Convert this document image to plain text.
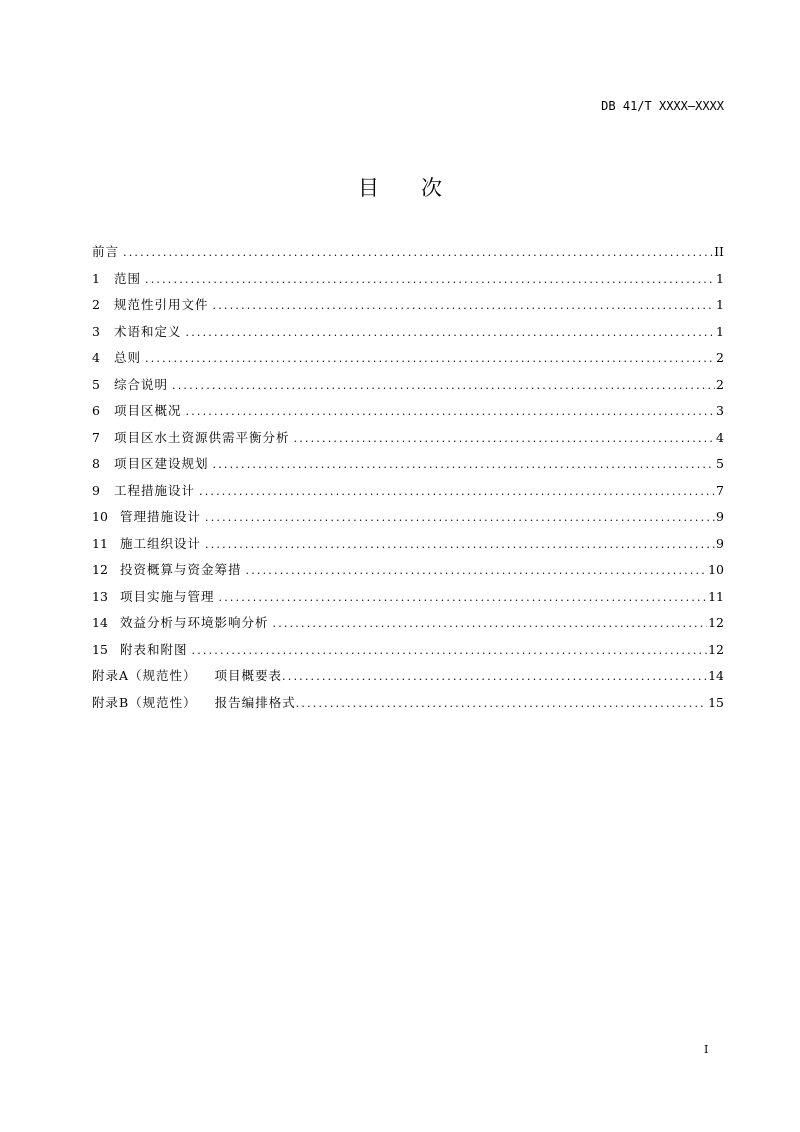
DB 41/T XXXX—XXXX
目 次
前言 .....	II
1	范围 .....	1
2	规范性引用文件 .....	1
3	术语和定义 .....	1
4	总则 .....	2
5	综合说明 .....	2
6	项目区概况 .....	3
7	项目区水土资源供需平衡分析 .....	4
8	项目区建设规划 .....	5
9	工程措施设计 .....	7
10 管理措施设计 .....	9
11 施工组织设计 .....	9
12 投资概算与资金筹措 .....	10
13 项目实施与管理 .....	11
14 效益分析与环境影响分析 .....	12
15 附表和附图 .....	12
附录A（规范性） 项目概要表 .....	14
附录B（规范性） 报告编排格式 .....	15
I
